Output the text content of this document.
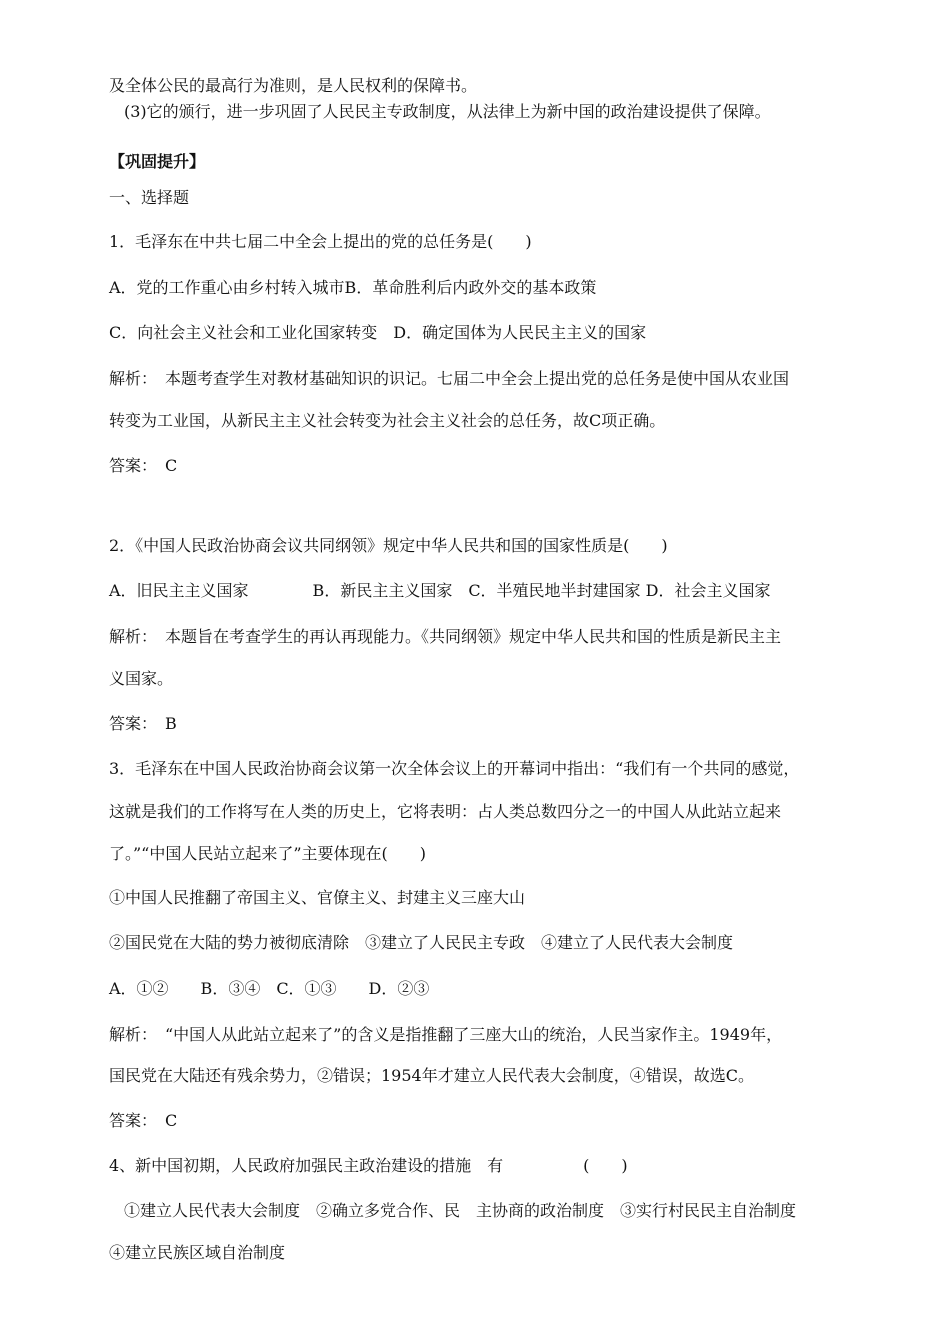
及全体公民的最高行为准则，是人民权利的保障书。
(3)它的颁行，进一步巩固了人民民主专政制度，从法律上为新中国的政治建设提供了保障。
【巩固提升】
一、选择题
1．毛泽东在中共七届二中全会上提出的党的总任务是(　　)
A．党的工作重心由乡村转入城市B．革命胜利后内政外交的基本政策
C．向社会主义社会和工业化国家转变　D．确定国体为人民民主主义的国家
解析：　本题考查学生对教材基础知识的识记。七届二中全会上提出党的总任务是使中国从农业国
转变为工业国，从新民主主义社会转变为社会主义社会的总任务，故C项正确。
答案：　C
2．《中国人民政治协商会议共同纲领》规定中华人民共和国的国家性质是(　　)
A．旧民主主义国家　　　　B．新民主主义国家　C．半殖民地半封建国家 D．社会主义国家
解析：　本题旨在考查学生的再认再现能力。《共同纲领》规定中华人民共和国的性质是新民主主
义国家。
答案：　B
3．毛泽东在中国人民政治协商会议第一次全体会议上的开幕词中指出：“我们有一个共同的感觉，
这就是我们的工作将写在人类的历史上，它将表明：占人类总数四分之一的中国人从此站立起来
了。”“中国人民站立起来了”主要体现在(　　)
①中国人民推翻了帝国主义、官僚主义、封建主义三座大山
②国民党在大陆的势力被彻底清除　③建立了人民民主专政　④建立了人民代表大会制度
A．①②　　B．③④　C．①③　　D．②③
解析：　“中国人从此站立起来了”的含义是指推翻了三座大山的统治，人民当家作主。1949年，
国民党在大陆还有残余势力，②错误；1954年才建立人民代表大会制度，④错误，故选C。
答案：　C
4、新中国初期，人民政府加强民主政治建设的措施　有　　　　　(　　)
①建立人民代表大会制度　②确立多党合作、民　主协商的政治制度　③实行村民民主自治制度
④建立民族区域自治制度
